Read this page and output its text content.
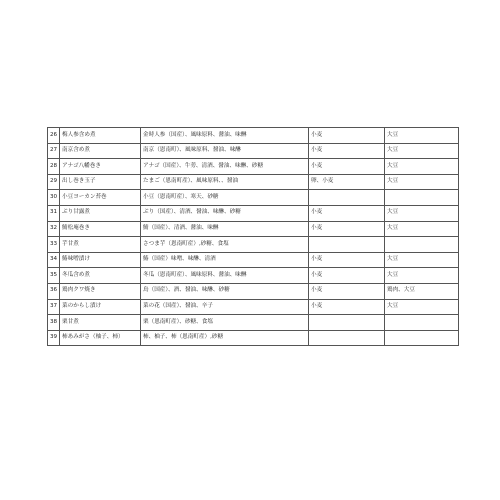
26	梅人参含め煮	金時人参（国産）、風味原料、醤油、味醂	小麦	大豆
27	南京含め煮	南京（恩南町）、風味原料、醤油、味醂	小麦	大豆
28	アナゴ八幡巻き	アナゴ（国産）、牛蒡、清酒、醤油、味醂、砂糖	小麦	大豆
29	出し巻き玉子	たまご（恩南町産）、風味原料、、醤油	卵、小麦	大豆
30	小豆ヨーカン苔巻	小豆（恩南町産）、寒天、砂糖		
31	ぶり甘露煮	ぶり（国産）、清酒、醤油、味醂、砂糖	小麦	大豆
32	鯖松庵巻き	鯖（国産）、清酒、醤油、味醂	小麦	大豆
33	芋甘煮	さつま芋（恩南町産）,砂糖、食塩		
34	鰆味噌漬け	鰆（国産）味噌、味醂、清酒	小麦	大豆
35	冬瓜含め煮	冬瓜（恩南町産）、風味原料、醤油、味醂	小麦	大豆
36	鶏肉クワ焼き	鳥（国産）、酒、醤油、味醂、砂糖	小麦	鶏肉、大豆
37	菜のからし漬け	菜の花（国産）、醤油、辛子	小麦	大豆
38	栗甘煮	栗（恩南町産）、砂糖、食塩		
39	柿あみがさ（柚子、柿）	柿、柚子、柿（恩南町産）,砂糖		
